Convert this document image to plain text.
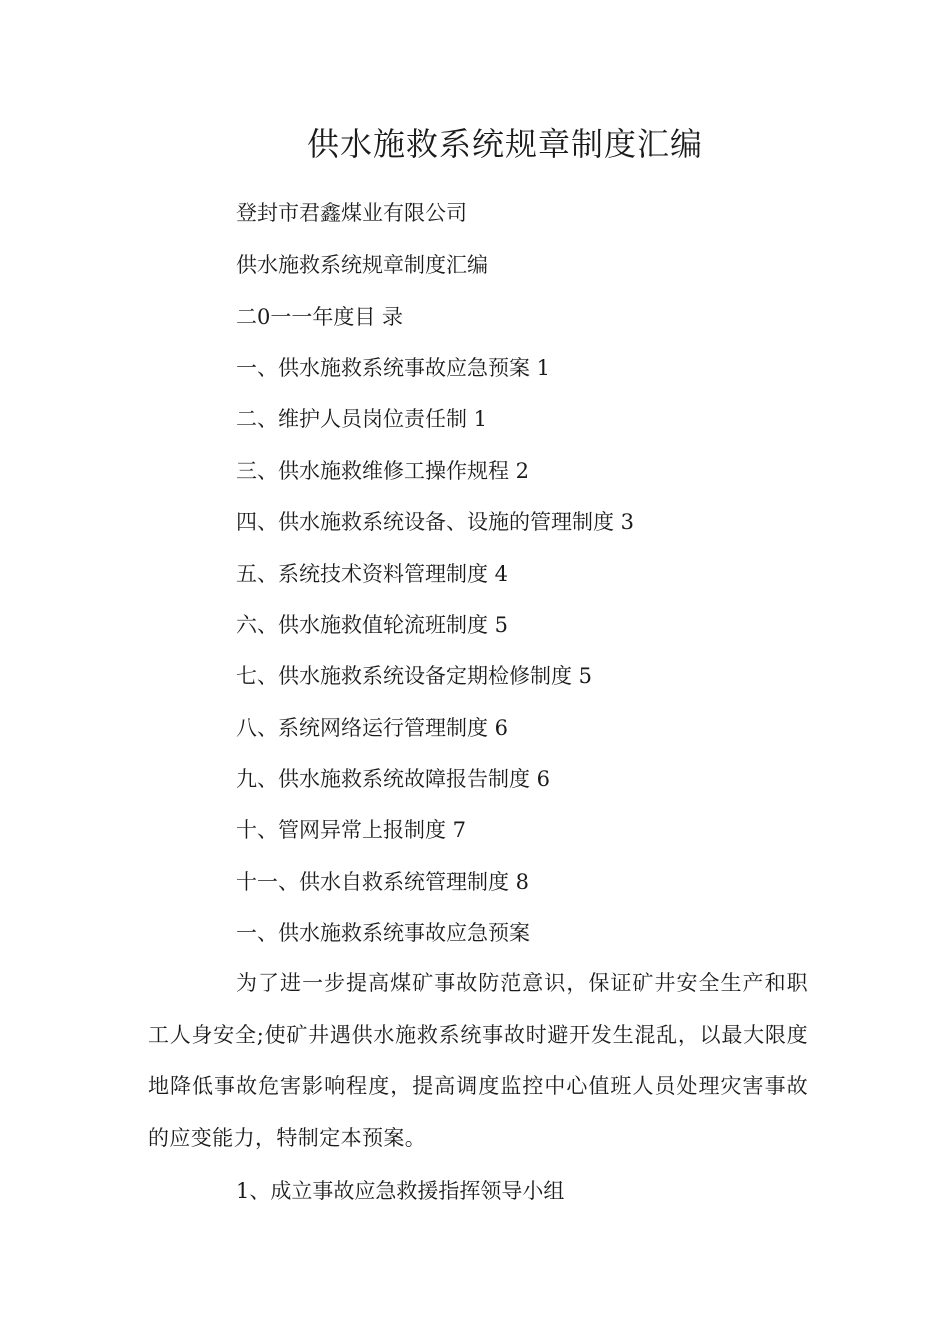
供水施救系统规章制度汇编
登封市君鑫煤业有限公司
供水施救系统规章制度汇编
二0一一年度目 录
一、供水施救系统事故应急预案 1
二、维护人员岗位责任制 1
三、供水施救维修工操作规程 2
四、供水施救系统设备、设施的管理制度 3
五、系统技术资料管理制度 4
六、供水施救值轮流班制度 5
七、供水施救系统设备定期检修制度 5
八、系统网络运行管理制度 6
九、供水施救系统故障报告制度 6
十、管网异常上报制度 7
十一、供水自救系统管理制度 8
一、供水施救系统事故应急预案
为了进一步提高煤矿事故防范意识，保证矿井安全生产和职工人身安全;使矿井遇供水施救系统事故时避开发生混乱，以最大限度地降低事故危害影响程度，提高调度监控中心值班人员处理灾害事故的应变能力，特制定本预案。
1、成立事故应急救援指挥领导小组
